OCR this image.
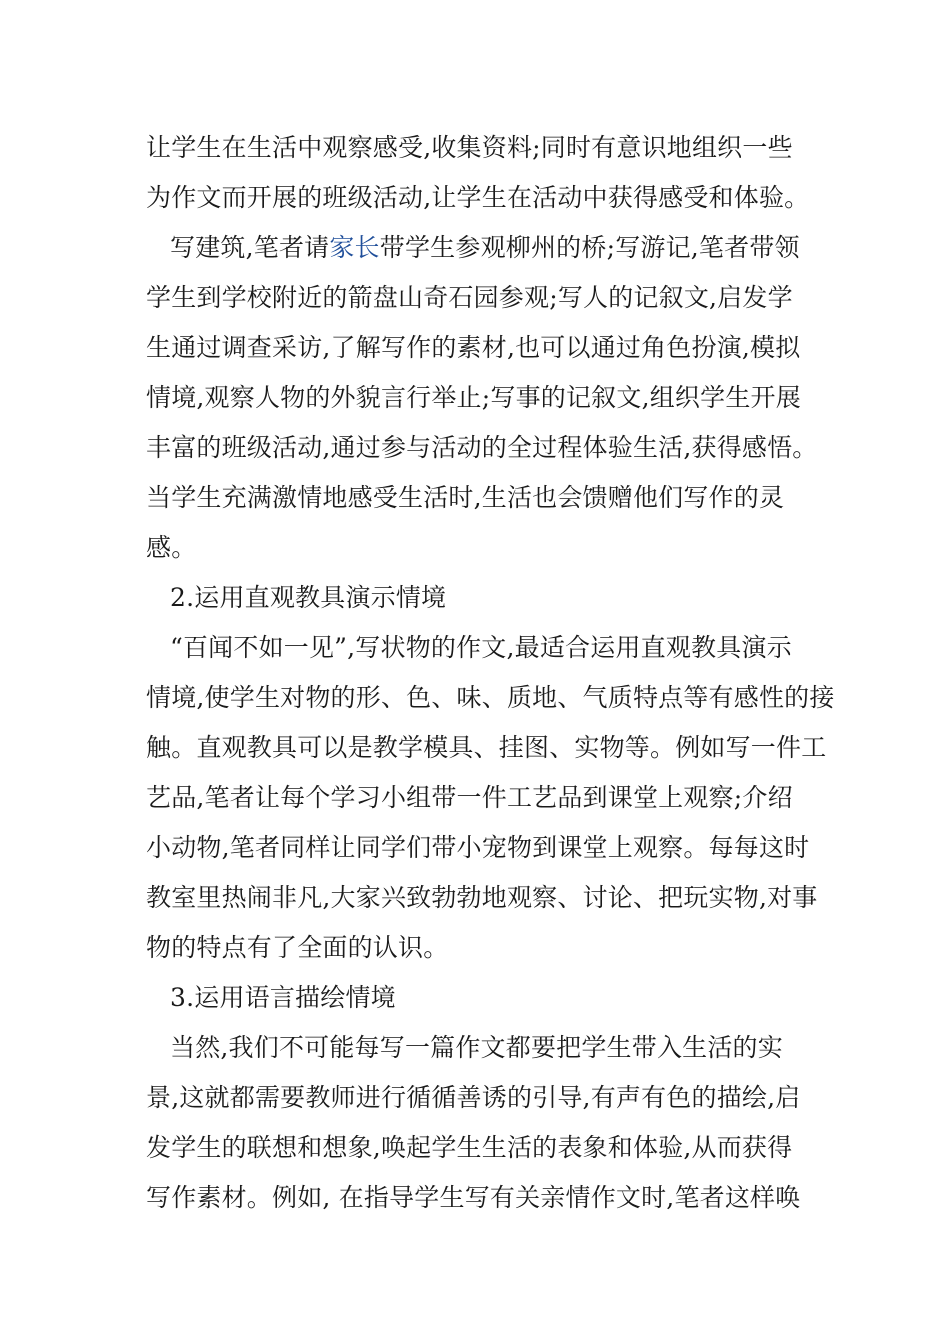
让学生在生活中观察感受,收集资料;同时有意识地组织一些
为作文而开展的班级活动,让学生在活动中获得感受和体验。
写建筑,笔者请家长带学生参观柳州的桥;写游记,笔者带领
学生到学校附近的箭盘山奇石园参观;写人的记叙文,启发学
生通过调查采访,了解写作的素材,也可以通过角色扮演,模拟
情境,观察人物的外貌言行举止;写事的记叙文,组织学生开展
丰富的班级活动,通过参与活动的全过程体验生活,获得感悟。
当学生充满激情地感受生活时,生活也会馈赠他们写作的灵
感。
2.运用直观教具演示情境
“百闻不如一见”,写状物的作文,最适合运用直观教具演示
情境,使学生对物的形、色、味、质地、气质特点等有感性的接
触。直观教具可以是教学模具、挂图、实物等。例如写一件工
艺品,笔者让每个学习小组带一件工艺品到课堂上观察;介绍
小动物,笔者同样让同学们带小宠物到课堂上观察。每每这时
教室里热闹非凡,大家兴致勃勃地观察、讨论、把玩实物,对事
物的特点有了全面的认识。
3.运用语言描绘情境
当然,我们不可能每写一篇作文都要把学生带入生活的实
景,这就都需要教师进行循循善诱的引导,有声有色的描绘,启
发学生的联想和想象,唤起学生生活的表象和体验,从而获得
写作素材。例如, 在指导学生写有关亲情作文时,笔者这样唤
